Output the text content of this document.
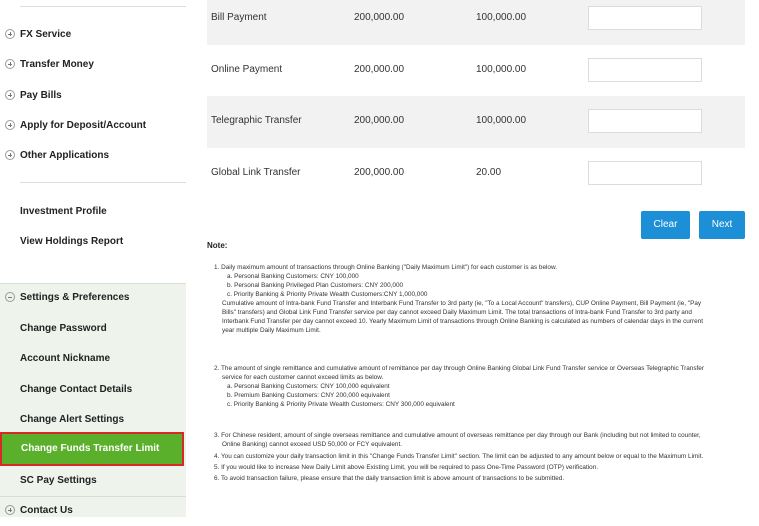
FX Service
Transfer Money
Pay Bills
Apply for Deposit/Account
Other Applications
Investment Profile
View Holdings Report
Settings & Preferences
Change Password
Account Nickname
Change Contact Details
Change Alert Settings
Change Funds Transfer Limit
SC Pay Settings
Contact Us
Bill Payment	200,000.00	100,000.00
Online Payment	200,000.00	100,000.00
Telegraphic Transfer	200,000.00	100,000.00
Global Link Transfer	200,000.00	20.00
Clear	Next
Note:
1. Daily maximum amount of transactions through Online Banking ("Daily Maximum Limit") for each customer is as below.
a. Personal Banking Customers: CNY 100,000
b. Personal Banking Privileged Plan Customers: CNY 200,000
c. Priority Banking & Priority Private Wealth Customers:CNY 1,000,000
Cumulative amount of Intra-bank Fund Transfer and Interbank Fund Transfer to 3rd party (ie, "To a Local Account" transfers), CUP Online Payment, Bill Payment (ie, "Pay
Bills" transfers) and Global Link Fund Transfer service per day cannot exceed Daily Maximum Limit. The total transactions of Intra-bank Fund Transfer to 3rd party and
Interbank Fund Transfer per day cannot exceed 10. Yearly Maximum Limit of transactions through Online Banking is calculated as numbers of calendar days in the current
year multiple Daily Maximum Limit.
2. The amount of single remittance and cumulative amount of remittance per day through Online Banking Global Link Fund Transfer service or Overseas Telegraphic Transfer
service for each customer cannot exceed limits as below.
a. Personal Banking Customers: CNY 100,000 equivalent
b. Premium Banking Customers: CNY 200,000 equivalent
c. Priority Banking & Priority Private Wealth Customers: CNY 300,000 equivalent
3. For Chinese resident, amount of single overseas remittance and cumulative amount of overseas remittance per day through our Bank (including but not limited to counter,
Online Banking) cannot exceed USD 50,000 or FCY equivalent.
4. You can customize your daily transaction limit in this "Change Funds Transfer Limit" section. The limit can be adjusted to any amount below or equal to the Maximum Limit.
5. If you would like to increase New Daily Limit above Existing Limit, you will be required to pass One-Time Password (OTP) verification.
6. To avoid transaction failure, please ensure that the daily transaction limit is above amount of transactions to be submitted.
